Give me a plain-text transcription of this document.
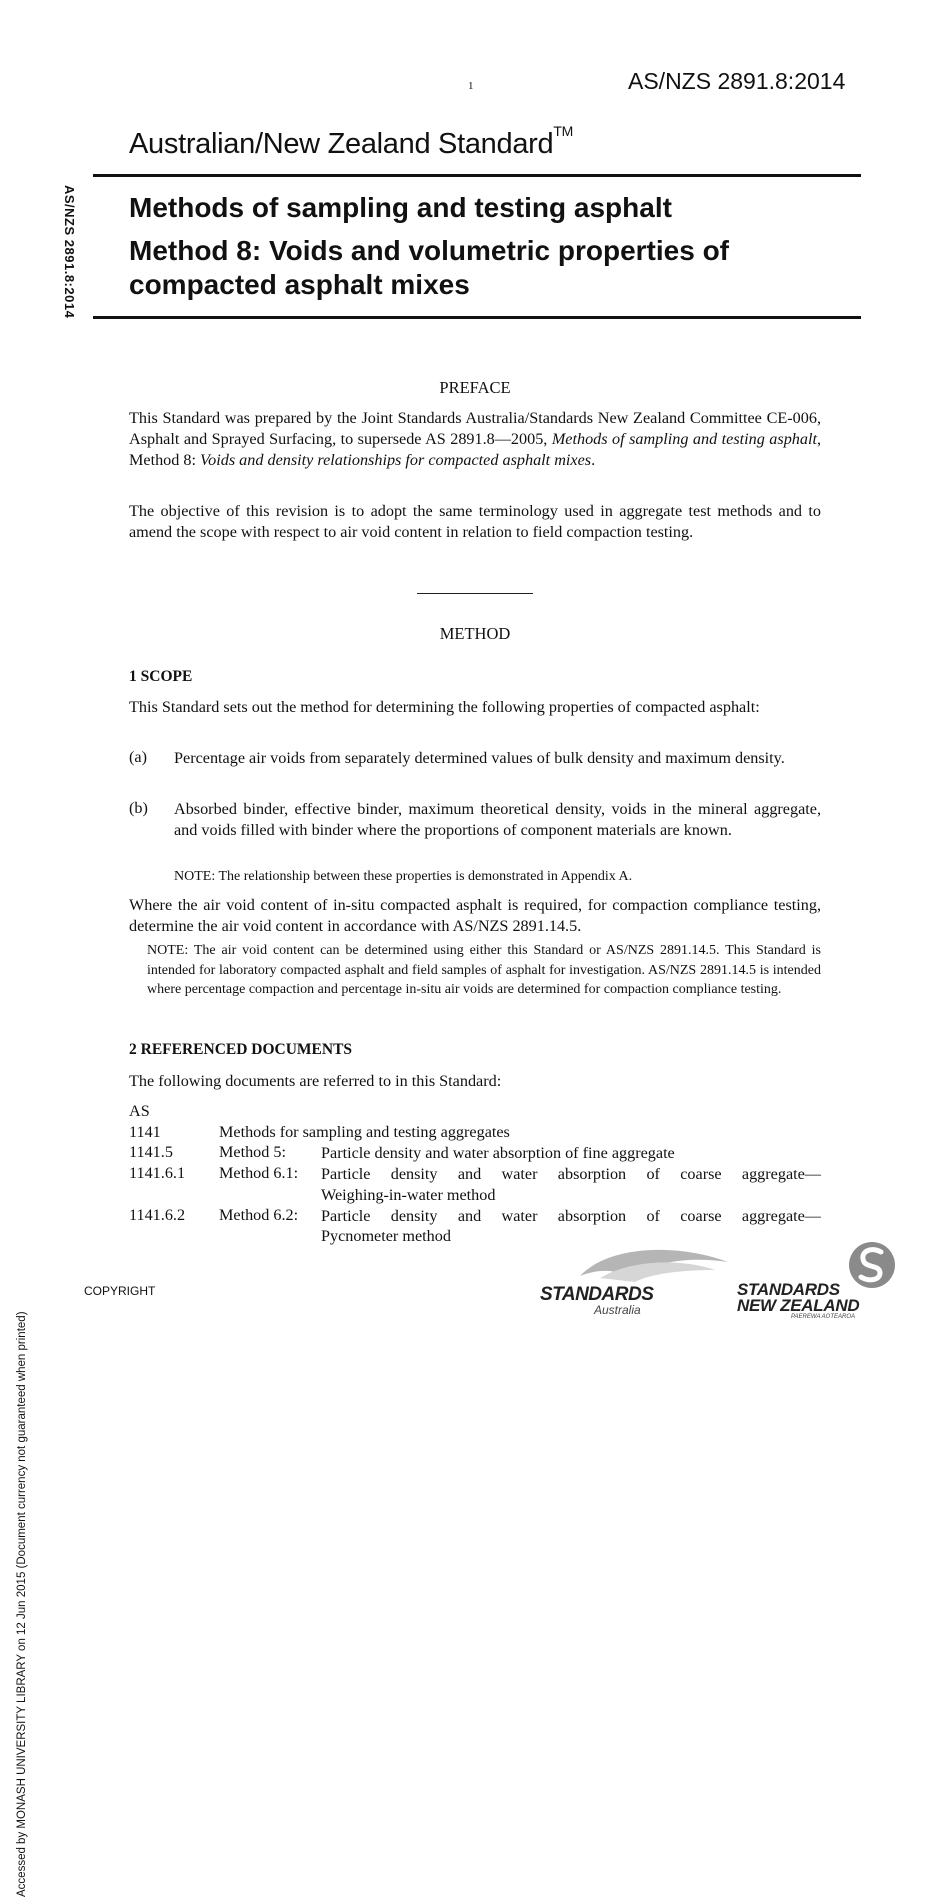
1	AS/NZS 2891.8:2014
Australian/New Zealand Standard™
Methods of sampling and testing asphalt
Method 8: Voids and volumetric properties of compacted asphalt mixes
AS/NZS 2891.8:2014
Accessed by MONASH UNIVERSITY LIBRARY on 12 Jun 2015 (Document currency not guaranteed when printed)
PREFACE
This Standard was prepared by the Joint Standards Australia/Standards New Zealand Committee CE-006, Asphalt and Sprayed Surfacing, to supersede AS 2891.8—2005, Methods of sampling and testing asphalt, Method 8: Voids and density relationships for compacted asphalt mixes.
The objective of this revision is to adopt the same terminology used in aggregate test methods and to amend the scope with respect to air void content in relation to field compaction testing.
METHOD
1 SCOPE
This Standard sets out the method for determining the following properties of compacted asphalt:
(a) Percentage air voids from separately determined values of bulk density and maximum density.
(b) Absorbed binder, effective binder, maximum theoretical density, voids in the mineral aggregate, and voids filled with binder where the proportions of component materials are known.
NOTE: The relationship between these properties is demonstrated in Appendix A.
Where the air void content of in-situ compacted asphalt is required, for compaction compliance testing, determine the air void content in accordance with AS/NZS 2891.14.5.
NOTE: The air void content can be determined using either this Standard or AS/NZS 2891.14.5. This Standard is intended for laboratory compacted asphalt and field samples of asphalt for investigation. AS/NZS 2891.14.5 is intended where percentage compaction and percentage in-situ air voids are determined for compaction compliance testing.
2 REFERENCED DOCUMENTS
The following documents are referred to in this Standard:
AS
1141	Methods for sampling and testing aggregates
1141.5	Method 5: Particle density and water absorption of fine aggregate
1141.6.1 Method 6.1: Particle density and water absorption of coarse aggregate—
Weighing-in-water method
1141.6.2 Method 6.2: Particle density and water absorption of coarse aggregate—
Pycnometer method
COPYRIGHT	STANDARDS
Australia
STANDARDS
NEW ZEALAND
PAEREWA AOTEAROA
